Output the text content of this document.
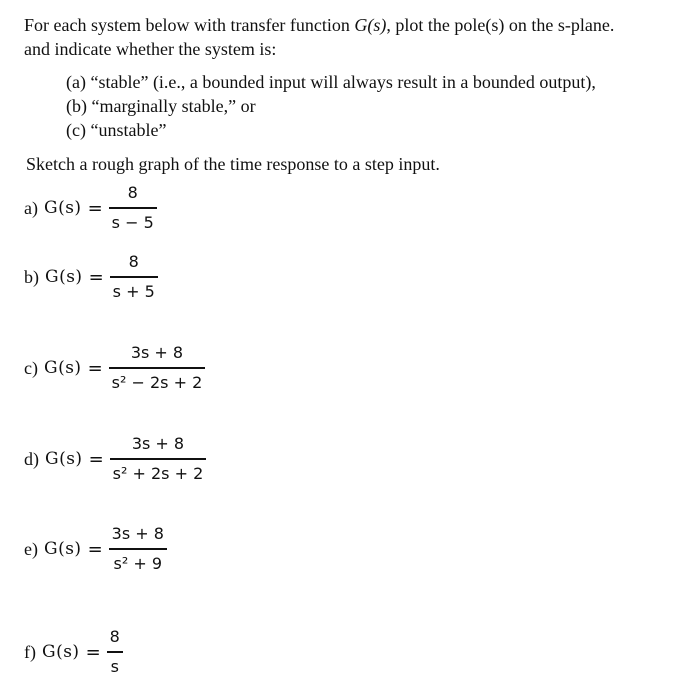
For each system below with transfer function G(s), plot the pole(s) on the s-plane.
and indicate whether the system is:
(a) “stable” (i.e., a bounded input will always result in a bounded output),
(b) “marginally stable,” or
(c) “unstable”
Sketch a rough graph of the time response to a step input.
a) $G(s) = \frac{8}{s - 5}$
b) $G(s) = \frac{8}{s + 5}$
c) $G(s) = \frac{3s + 8}{\text{s² − 2s + 2}}$
d) $G(s) = \frac{3s + 8}{\text{s² + 2s + 2}}$
e) $G(s) = \frac{3s + 8}{\text{s² + 9}}$
f) $G(s) = \frac{8}{s}$
